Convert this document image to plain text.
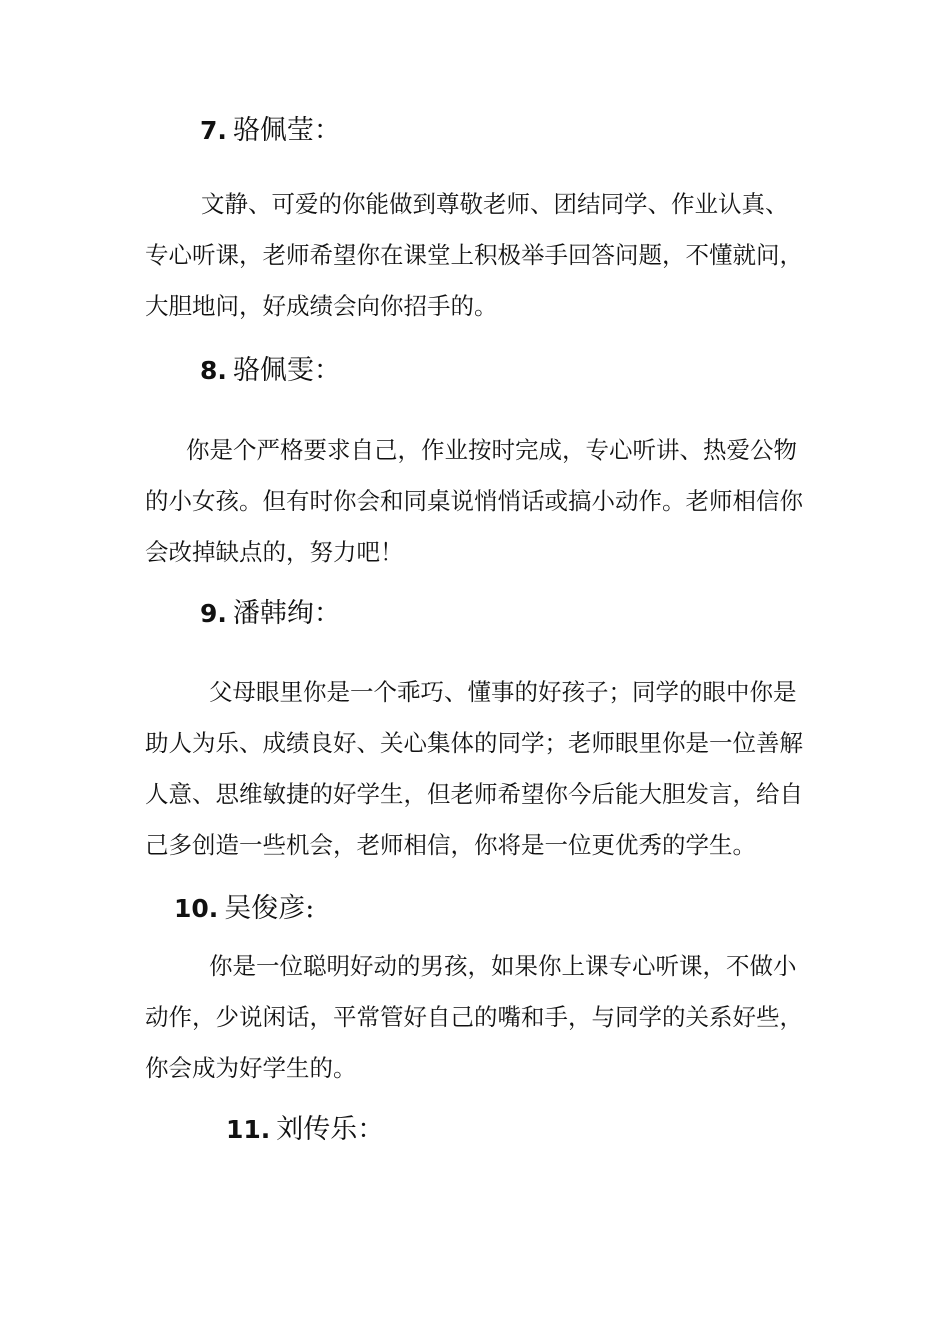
7. 骆佩莹：
文静、可爱的你能做到尊敬老师、团结同学、作业认真、
专心听课，老师希望你在课堂上积极举手回答问题，不懂就问，
大胆地问，好成绩会向你招手的。
8. 骆佩雯：
你是个严格要求自己，作业按时完成，专心听讲、热爱公物
的小女孩。但有时你会和同桌说悄悄话或搞小动作。老师相信你
会改掉缺点的，努力吧！
9. 潘韩绚：
父母眼里你是一个乖巧、懂事的好孩子；同学的眼中你是
助人为乐、成绩良好、关心集体的同学；老师眼里你是一位善解
人意、思维敏捷的好学生，但老师希望你今后能大胆发言，给自
己多创造一些机会，老师相信，你将是一位更优秀的学生。
10. 吴俊彦:
你是一位聪明好动的男孩，如果你上课专心听课，不做小
动作，少说闲话，平常管好自己的嘴和手，与同学的关系好些，
你会成为好学生的。
11. 刘传乐：
